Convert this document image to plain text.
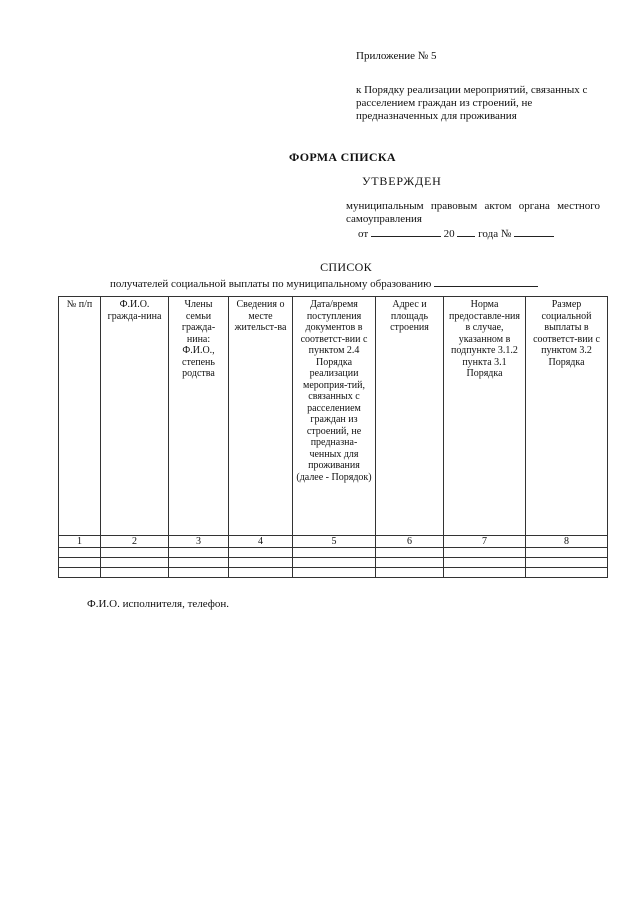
Приложение № 5
к Порядку реализации мероприятий, связанных с расселением граждан из строений, не предназначенных для проживания
ФОРМА СПИСКА
УТВЕРЖДЕН
муниципальным правовым актом органа местного самоуправления
от	20 года №
СПИСОК
получателей социальной выплаты по муниципальному образованию
№ п/п	Ф.И.О. гражда-нина	Члены семьи гражда-нина: Ф.И.О., степень родства	Сведения о месте жительст-ва	Дата/время поступления документов в соответст-вии с пунктом 2.4 Порядка реализации мероприя-тий, связанных с расселением граждан из строений, не предназна-ченных для проживания (далее - Порядок)	Адрес и площадь строения	Норма предоставле-ния в случае, указанном в подпункте 3.1.2 пункта 3.1 Порядка	Размер социальной выплаты в соответст-вии с пунктом 3.2 Порядка
1	2	3	4	5	6	7	8

Ф.И.О. исполнителя, телефон.
